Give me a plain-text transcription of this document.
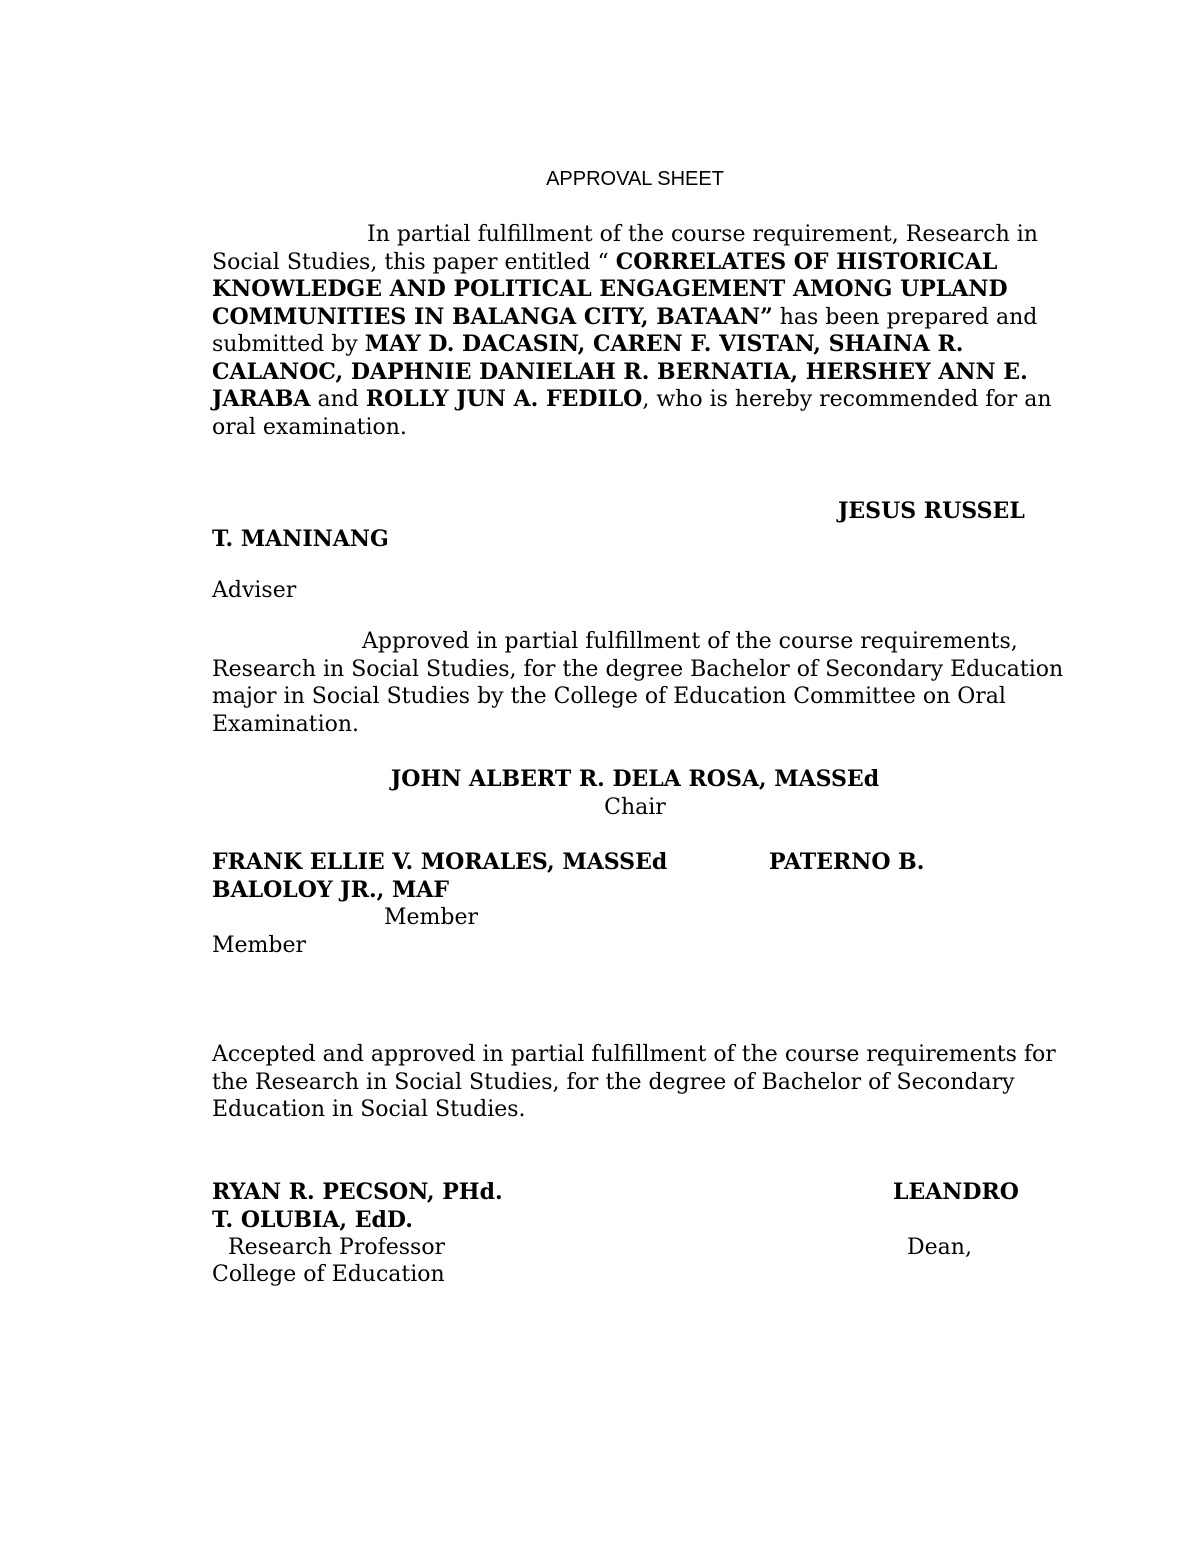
APPROVAL SHEET
In partial fulfillment of the course requirement, Research in Social Studies, this paper entitled “ CORRELATES OF HISTORICAL KNOWLEDGE AND POLITICAL ENGAGEMENT AMONG UPLAND COMMUNITIES IN BALANGA CITY, BATAAN” has been prepared and submitted by MAY D. DACASIN, CAREN F. VISTAN, SHAINA R. CALANOC, DAPHNIE DANIELAH R. BERNATIA, HERSHEY ANN E. JARABA and ROLLY JUN A. FEDILO, who is hereby recommended for an oral examination.
JESUS RUSSEL
T. MANINANG
Adviser
Approved in partial fulfillment of the course requirements, Research in Social Studies, for the degree Bachelor of Secondary Education major in Social Studies by the College of Education Committee on Oral Examination.
JOHN ALBERT R. DELA ROSA, MASSEd
Chair
FRANK ELLIE V. MORALES, MASSEd	PATERNO B.
BALOLOY JR., MAF
Member
Member
Accepted and approved in partial fulfillment of the course requirements for the Research in Social Studies, for the degree of Bachelor of Secondary Education in Social Studies.
RYAN R. PECSON, PHd.	LEANDRO
T. OLUBIA, EdD.
Research Professor	Dean,
College of Education
